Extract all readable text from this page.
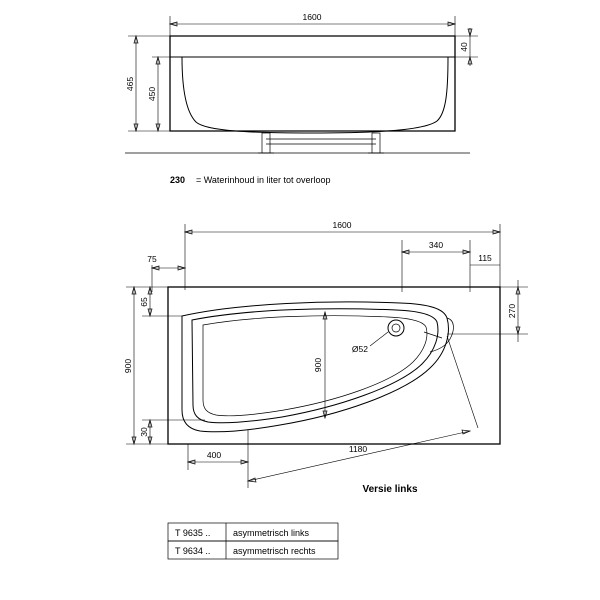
1600
465
450
40
230 = Waterinhoud in liter tot overloop
1600
340
115
75
Ø52
900
65
30
900
270
400
1180
Versie links
T 9635 ..	asymmetrisch links
T 9634 ..	asymmetrisch rechts
